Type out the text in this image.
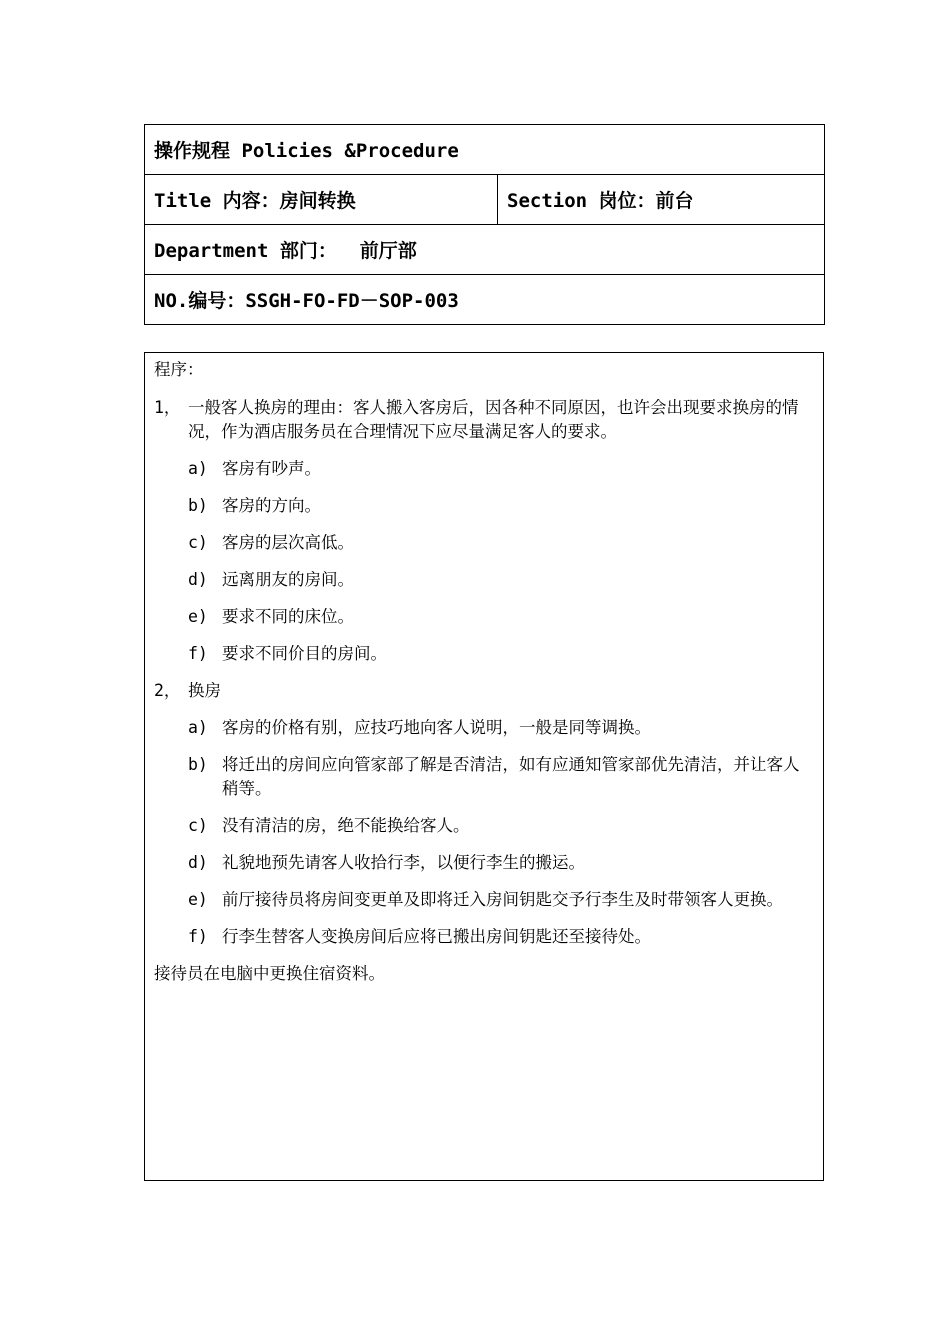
操作规程 Policies &Procedure
Title 内容：房间转换	Section 岗位：前台
Department 部门：  前厅部
NO.编号：SSGH-FO-FD－SOP-003
程序：
1， 一般客人换房的理由：客人搬入客房后，因各种不同原因，也许会出现要求换房的情况，作为酒店服务员在合理情况下应尽量满足客人的要求。
a) 客房有吵声。
b) 客房的方向。
c) 客房的层次高低。
d) 远离朋友的房间。
e) 要求不同的床位。
f) 要求不同价目的房间。
2， 换房
a) 客房的价格有别，应技巧地向客人说明，一般是同等调换。
b) 将迁出的房间应向管家部了解是否清洁，如有应通知管家部优先清洁，并让客人稍等。
c) 没有清洁的房，绝不能换给客人。
d) 礼貌地预先请客人收拾行李，以便行李生的搬运。
e) 前厅接待员将房间变更单及即将迁入房间钥匙交予行李生及时带领客人更换。
f) 行李生替客人变换房间后应将已搬出房间钥匙还至接待处。
接待员在电脑中更换住宿资料。
